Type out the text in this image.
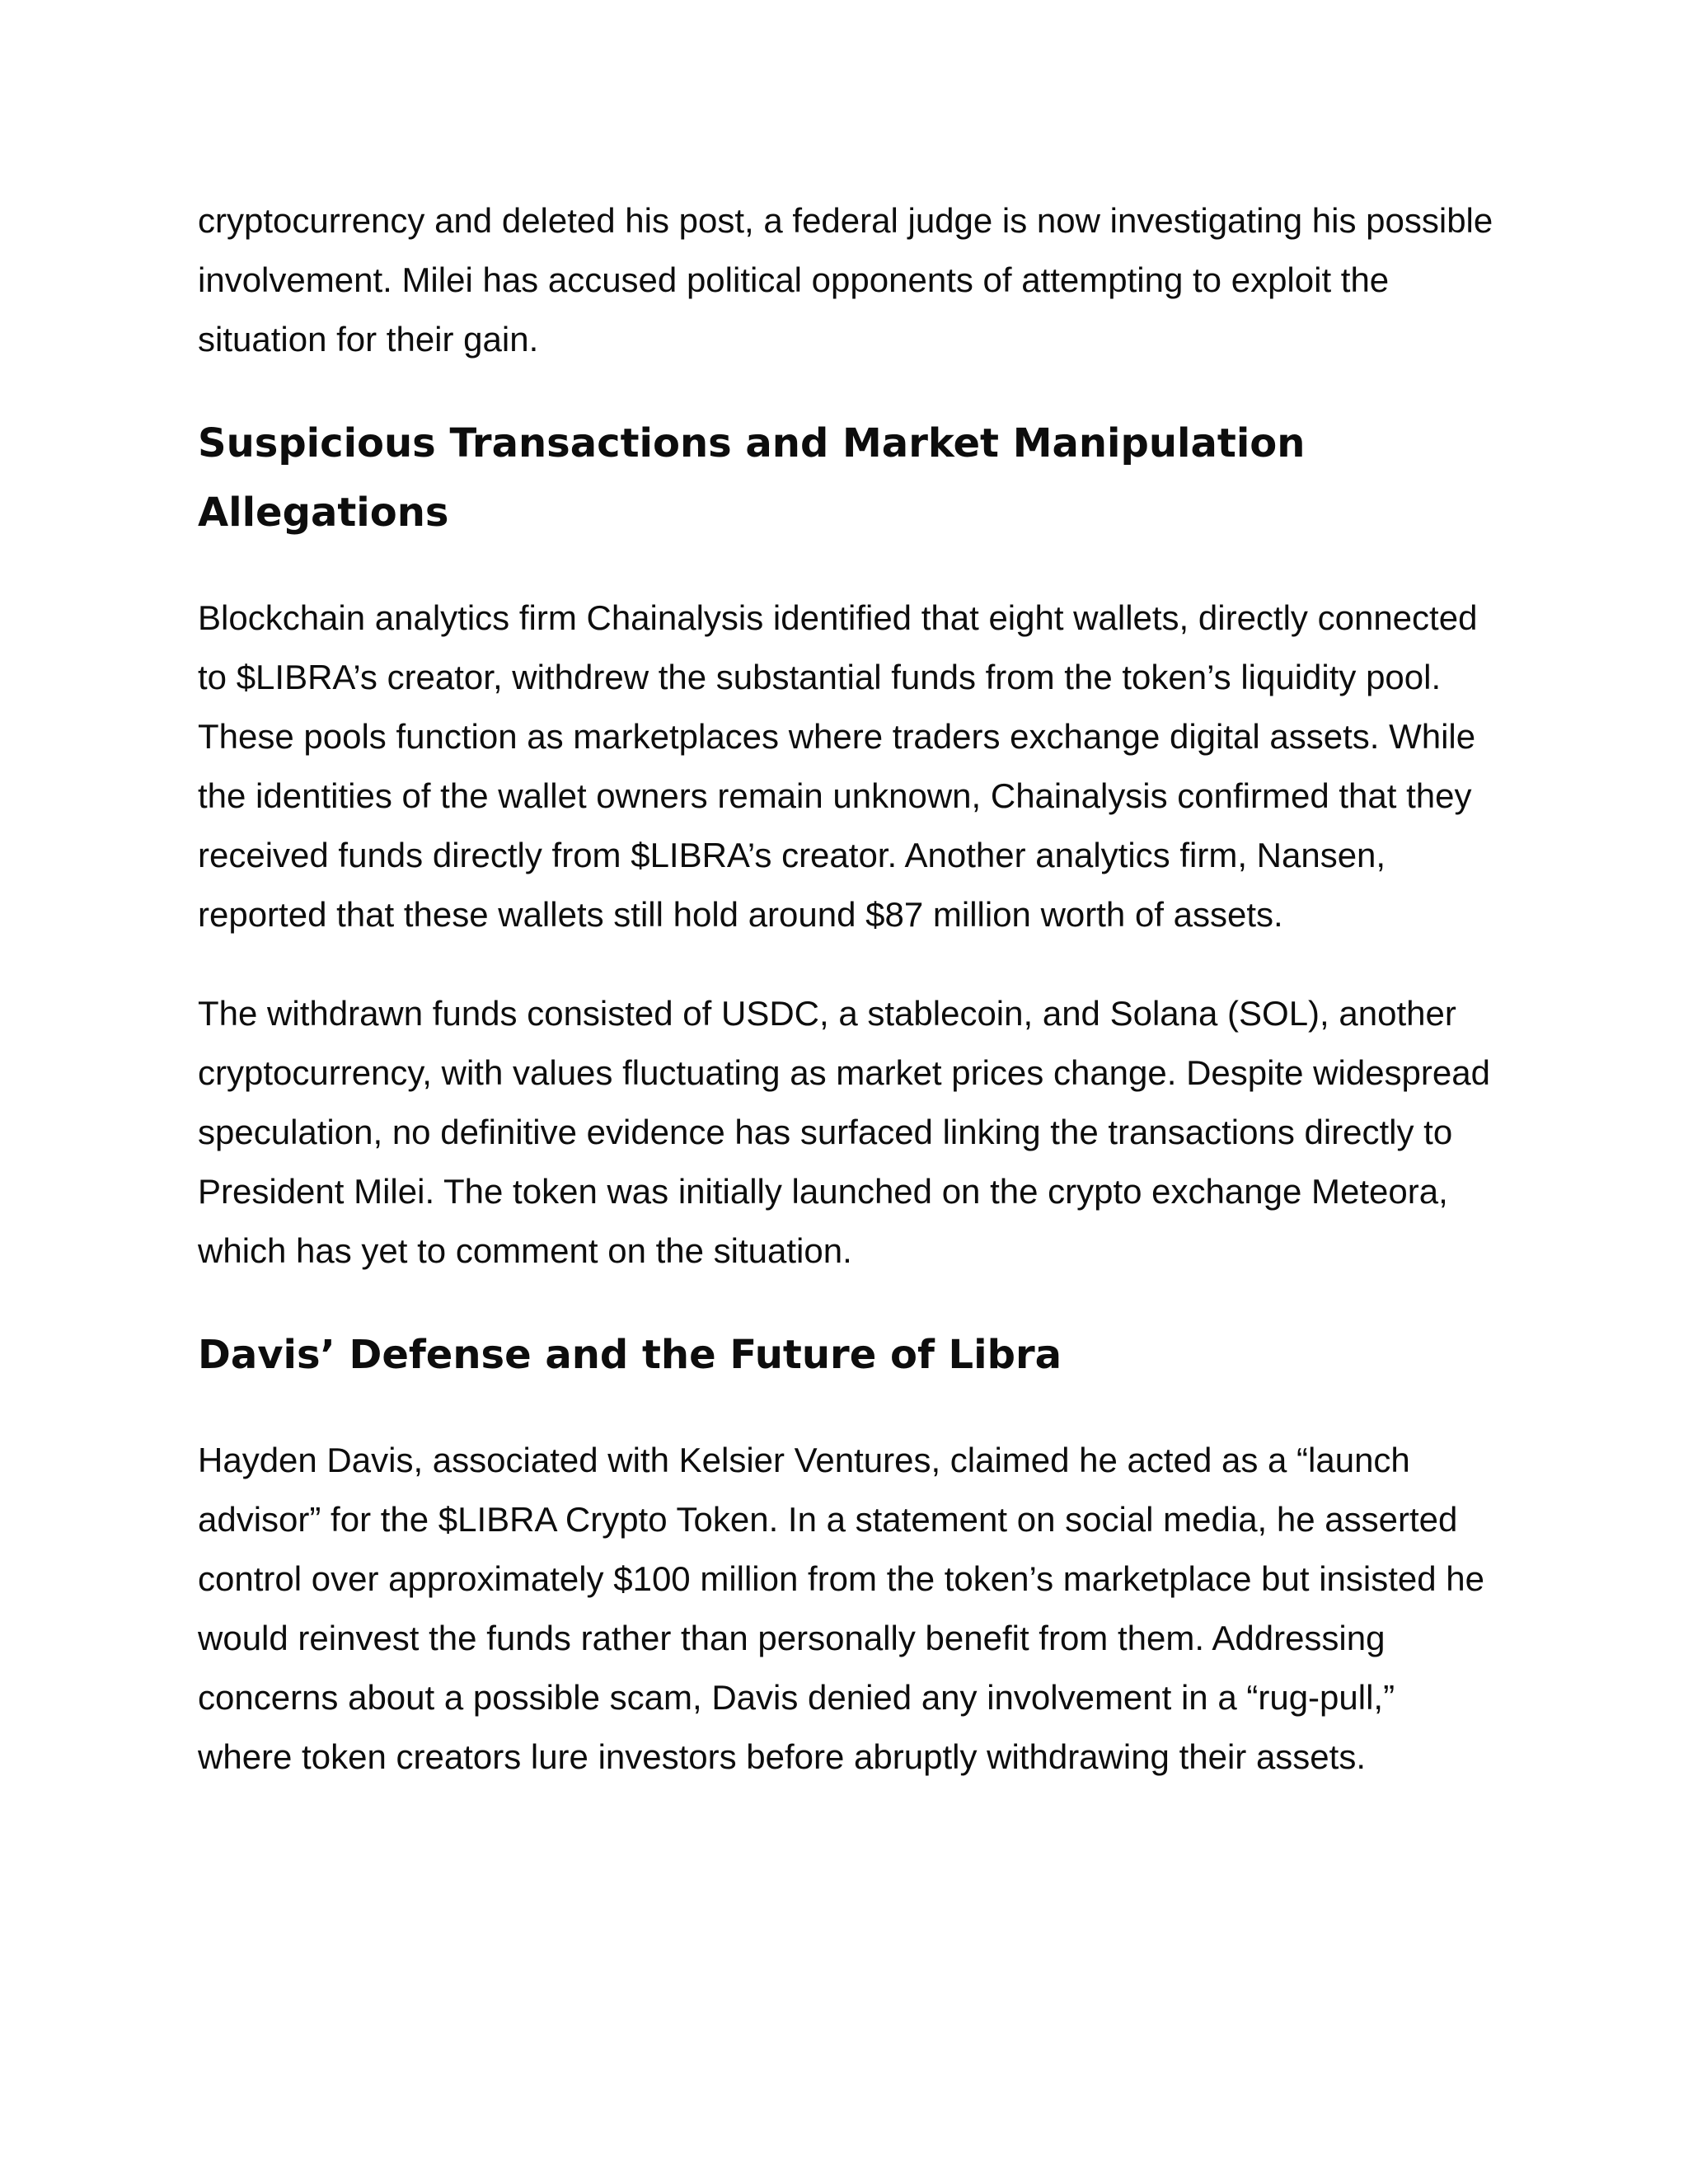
cryptocurrency and deleted his post, a federal judge is now investigating his possible involvement. Milei has accused political opponents of attempting to exploit the situation for their gain.

Suspicious Transactions and Market Manipulation Allegations

Blockchain analytics firm Chainalysis identified that eight wallets, directly connected to $LIBRA’s creator, withdrew the substantial funds from the token’s liquidity pool. These pools function as marketplaces where traders exchange digital assets. While the identities of the wallet owners remain unknown, Chainalysis confirmed that they received funds directly from $LIBRA’s creator. Another analytics firm, Nansen, reported that these wallets still hold around $87 million worth of assets.

The withdrawn funds consisted of USDC, a stablecoin, and Solana (SOL), another cryptocurrency, with values fluctuating as market prices change. Despite widespread speculation, no definitive evidence has surfaced linking the transactions directly to President Milei. The token was initially launched on the crypto exchange Meteora, which has yet to comment on the situation.

Davis’ Defense and the Future of Libra

Hayden Davis, associated with Kelsier Ventures, claimed he acted as a “launch advisor” for the $LIBRA Crypto Token. In a statement on social media, he asserted control over approximately $100 million from the token’s marketplace but insisted he would reinvest the funds rather than personally benefit from them. Addressing concerns about a possible scam, Davis denied any involvement in a “rug-pull,” where token creators lure investors before abruptly withdrawing their assets.
